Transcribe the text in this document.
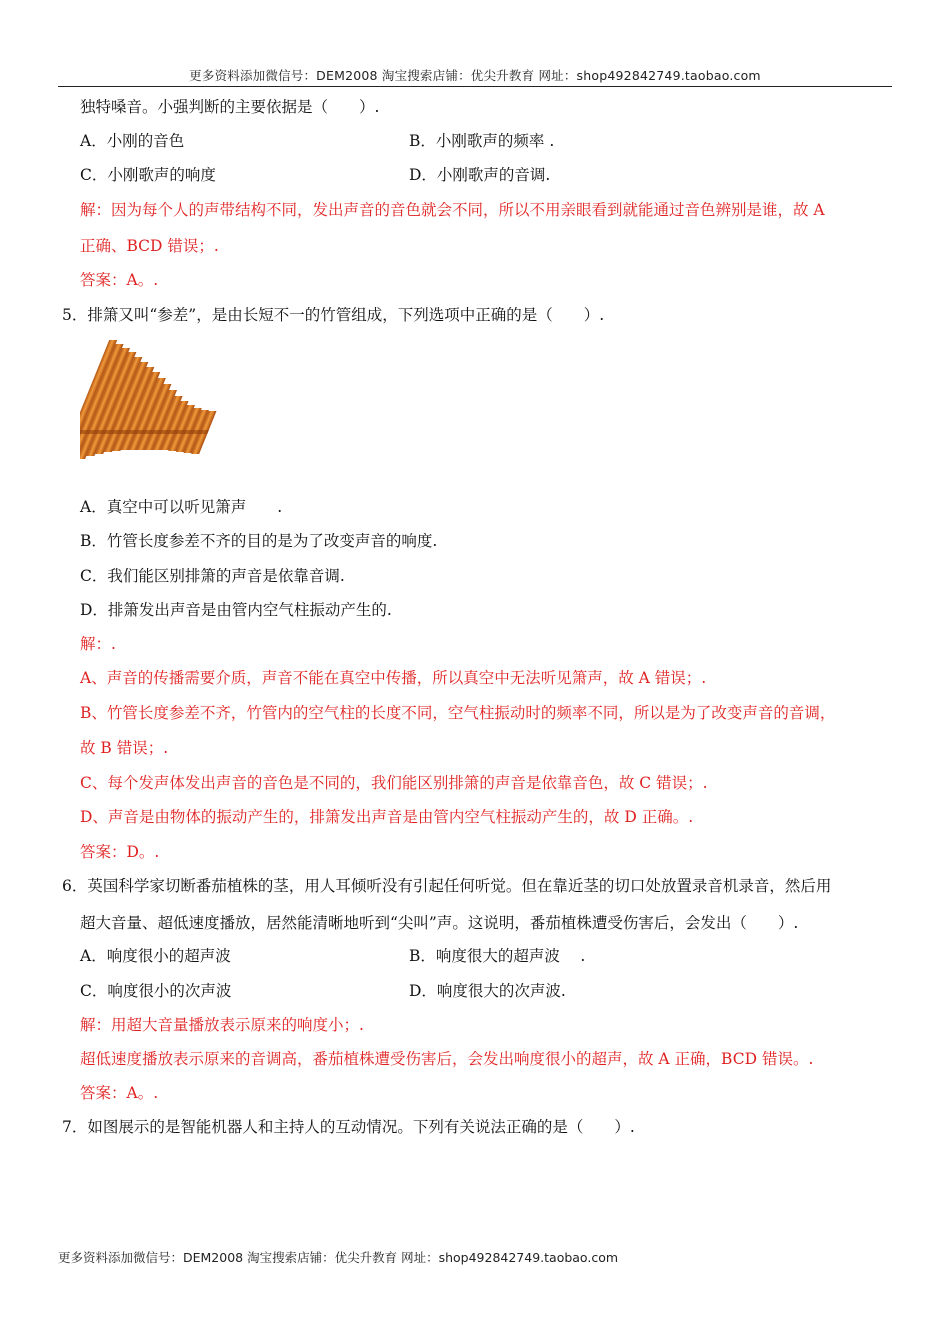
更多资料添加微信号：DEM2008 淘宝搜索店铺：优尖升教育 网址：shop492842749.taobao.com
独特嗓音。小强判断的主要依据是（　　）.
A．小刚的音色	B．小刚歌声的频率 .
C．小刚歌声的响度	D．小刚歌声的音调.
解：因为每个人的声带结构不同，发出声音的音色就会不同，所以不用亲眼看到就能通过音色辨别是谁，故 A
正确、BCD 错误；.
答案：A。.
5．排箫又叫“参差”，是由长短不一的竹管组成，下列选项中正确的是（　　）.
A．真空中可以听见箫声　　.
B．竹管长度参差不齐的目的是为了改变声音的响度.
C．我们能区别排箫的声音是依靠音调.
D．排箫发出声音是由管内空气柱振动产生的.
解：.
A、声音的传播需要介质，声音不能在真空中传播，所以真空中无法听见箫声，故 A 错误；.
B、竹管长度参差不齐，竹管内的空气柱的长度不同，空气柱振动时的频率不同，所以是为了改变声音的音调，
故 B 错误；.
C、每个发声体发出声音的音色是不同的，我们能区别排箫的声音是依靠音色，故 C 错误；.
D、声音是由物体的振动产生的，排箫发出声音是由管内空气柱振动产生的，故 D 正确。.
答案：D。.
6．英国科学家切断番茄植株的茎，用人耳倾听没有引起任何听觉。但在靠近茎的切口处放置录音机录音，然后用
超大音量、超低速度播放，居然能清晰地听到“尖叫”声。这说明，番茄植株遭受伤害后，会发出（　　）.
A．响度很小的超声波	B．响度很大的超声波　 .
C．响度很小的次声波	D．响度很大的次声波.
解：用超大音量播放表示原来的响度小；.
超低速度播放表示原来的音调高，番茄植株遭受伤害后，会发出响度很小的超声，故 A 正确，BCD 错误。.
答案：A。.
7．如图展示的是智能机器人和主持人的互动情况。下列有关说法正确的是（　　）.
更多资料添加微信号：DEM2008 淘宝搜索店铺：优尖升教育 网址：shop492842749.taobao.com
